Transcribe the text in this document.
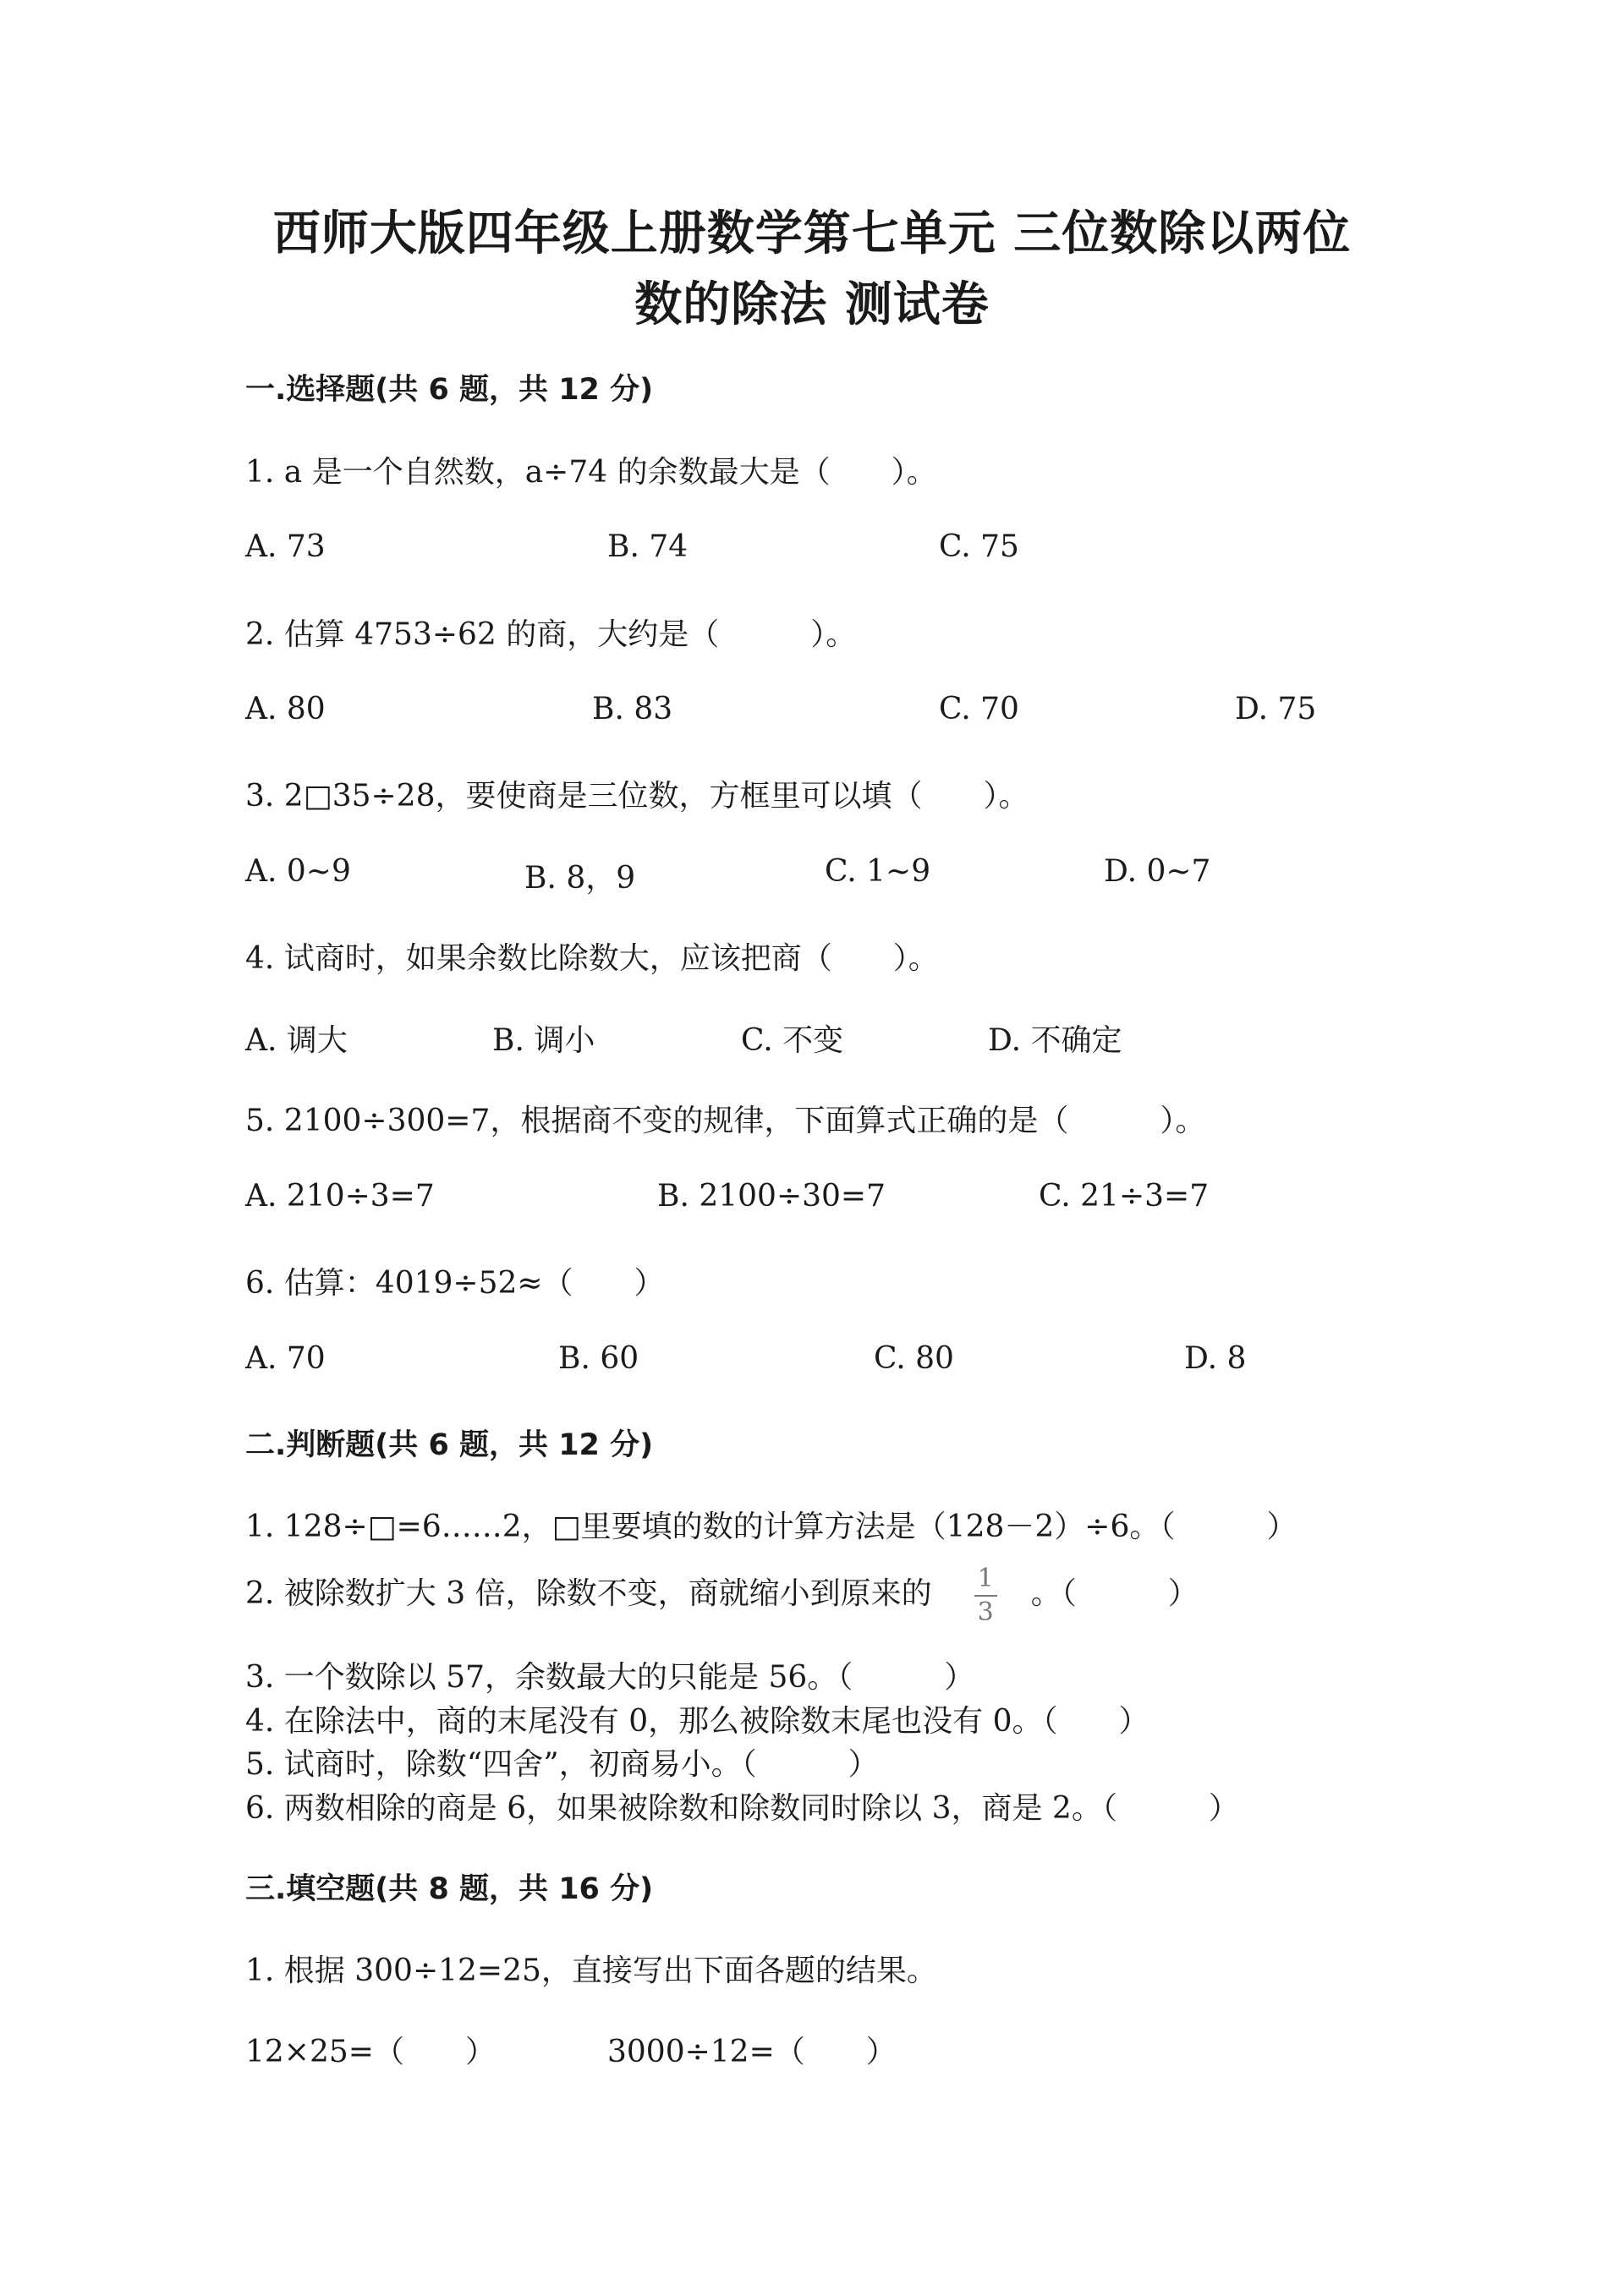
西师大版四年级上册数学第七单元 三位数除以两位
数的除法 测试卷
一.选择题(共 6 题，共 12 分)
1. a 是一个自然数，a÷74 的余数最大是（　　）。
A. 73	B. 74	C. 75
2. 估算 4753÷62 的商，大约是（　　　）。
A. 80	B. 83	C. 70	D. 75
3. 2□35÷28，要使商是三位数，方框里可以填（　　）。
A. 0~9	B. 8，9	C. 1~9	D. 0~7
4. 试商时，如果余数比除数大，应该把商（　　）。
A. 调大	B. 调小	C. 不变	D. 不确定
5. 2100÷300=7，根据商不变的规律，下面算式正确的是（　　　）。
A. 210÷3=7	B. 2100÷30=7	C. 21÷3=7
6. 估算：4019÷52≈（　　）
A. 70	B. 60	C. 80	D. 8
二.判断题(共 6 题，共 12 分)
1. 128÷□=6……2，□里要填的数的计算方法是（128－2）÷6。（　　　）
2. 被除数扩大 3 倍，除数不变，商就缩小到原来的 $\frac{1}{3}$ 。（　　　）
3. 一个数除以 57，余数最大的只能是 56。（　　　）
4. 在除法中，商的末尾没有 0，那么被除数末尾也没有 0。（　　）
5. 试商时，除数“四舍”，初商易小。（　　　）
6. 两数相除的商是 6，如果被除数和除数同时除以 3，商是 2。（　　　）
三.填空题(共 8 题，共 16 分)
1. 根据 300÷12=25，直接写出下面各题的结果。
12×25=（　　）	3000÷12=（　　）
